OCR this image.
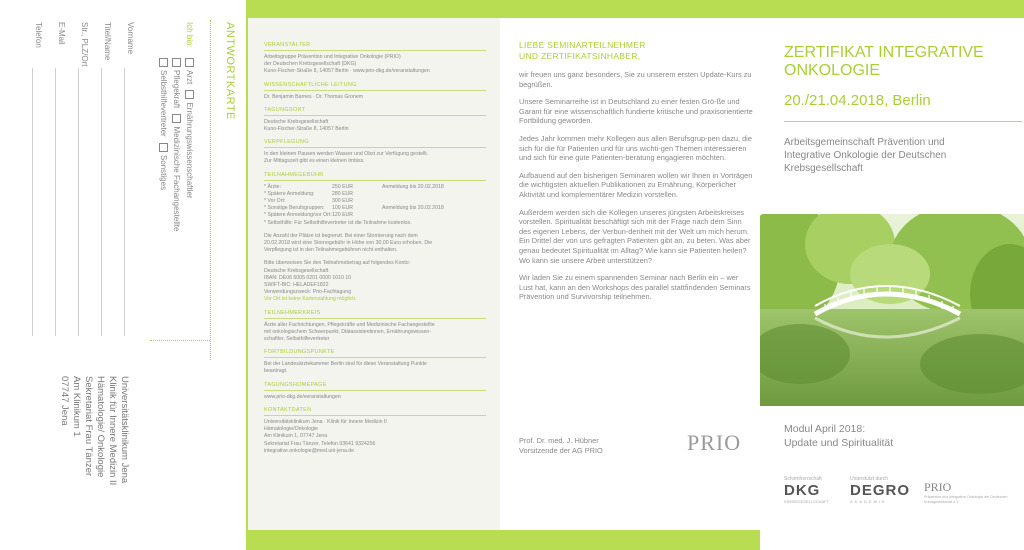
ANTWORTKARTE
Ich bin:
Arzt Ernährungswissenschaftler
Pflegekraft Medizinische Fachangestellte
Selbsthilfevertreter Sonstiges
Vorname
Titel/Name
Str., PLZ/Ort
E-Mail
Telefon
Universitätsklinikum Jena
Klinik für Innere Medizin II
Hämatologie/ Onkologie
Sekretariat Frau Tänzer
Am Klinikum 1
07747 Jena
VERANSTALTER
Arbeitsgruppe Prävention und Integrative Onkologie (PRIO)
der Deutschen Krebsgesellschaft (DKG)
Kuno-Fischer-Straße 8, 14057 Berlin · www.prio-dkg.de/veranstaltungen
WISSENSCHAFTLICHE LEITUNG
Dr. Benjamin Barnes · Dr. Thomas Gronem
TAGUNGSORT
Deutsche Krebsgesellschaft
Kuno-Fischer-Straße 8, 14057 Berlin
VERPFLEGUNG
In den kleinen Pausen werden Wasser und Obst zur Verfügung gestellt.
Zur Mittagszeit gibt es einen kleinen Imbiss.
TEILNAHMEGEBÜHR
* Ärzte:	250 EUR	Anmeldung bis 20.02.2018
* Spätere Anmeldung:	280 EUR
* Vor Ort:	300 EUR
* Sonstige Berufsgruppen:	100 EUR	Anmeldung bis 20.02.2018
* Spätere Anmeldung/vor Ort: 120 EUR
* Selbsthilfe: Für Selbsthilfevertreter ist die Teilnahme kostenlos.
Die Anzahl der Plätze ist begrenzt. Bei einer Stornierung nach dem
20.02.2018 wird eine Stornogebühr in Höhe von 30,00 Euro erhoben. Die
Verpflegung ist in den Teilnahmegebühren nicht enthalten.
Bitte überweisen Sie den Teilnahmebetrag auf folgendes Konto:
Deutsche Krebsgesellschaft
IBAN: DE06 5005 0201 0000 1010 10
SWIFT-BIC: HELADEF1822
Verwendungszweck: Prio-Fachtagung
Vor Ort ist keine Kartenzahlung möglich.
TEILNEHMERKREIS
Ärzte aller Fachrichtungen, Pflegekräfte und Medizinische Fachangestellte
mit onkologischem Schwerpunkt, Diätassistentinnen, Ernährungswissen-
schaftler, Selbsthilfevertreter
FORTBILDUNGSPUNKTE
Bei der Landesärztekammer Berlin sind für diese Veranstaltung Punkte
beantragt.
TAGUNGSHOMEPAGE
www.prio-dkg.de/veranstaltungen
KONTAKTDATEN
Universitätsklinikum Jena · Klinik für Innere Medizin II
Hämatologie/Onkologie
Am Klinikum 1, 07747 Jena
Sekretariat Frau Tänzer, Telefon 03641 9324256
integrative.onkologie@med.uni-jena.de
LIEBE SEMINARTEILNEHMER
UND ZERTIFIKATSINHABER,

wir freuen uns ganz besonders, Sie zu unserem ersten Update-Kurs zu begrüßen.

Unsere Seminarreihe ist in Deutschland zu einer festen Grö-ße und Garant für eine wissenschaftlich fundierte kritische und praxisorientierte Fortbildung geworden.

Jedes Jahr kommen mehr Kollegen aus allen Berufsgrup-pen dazu, die sich für die für Patienten und für uns wichti-gen Themen interessieren und sich für eine gute Patienten-beratung engagieren möchten.

Aufbauend auf den bisherigen Seminaren wollen wir Ihnen in Vorträgen die wichtigsten aktuellen Publikationen zu Ernährung, Körperlicher Aktivität und komplementärer Medizin vorstellen.

Außerdem werden sich die Kollegen unseres jüngsten Arbeitskreises vorstellen. Spiritualität beschäftigt sich mit der Frage nach dem Sinn des eigenen Lebens, der Verbun-denheit mit der Welt um mich herum. Ein Drittel der von uns gefragten Patienten gibt an, zu beten. Was aber genau bedeutet Spiritualität im Alltag? Wie kann sie Patienten heilen? Wo kann sie unsere Arbeit unterstützen?

Wir laden Sie zu einem spannenden Seminar nach Berlin ein – wer Lust hat, kann an den Workshops des parallel stattfindenden Seminars Prävention und Survivorship teilnehmen.

Prof. Dr. med. J. Hübner
Vorsitzende der AG PRIO	PRIO
ZERTIFIKAT INTEGRATIVE
ONKOLOGIE
20./21.04.2018, Berlin
Arbeitsgemeinschaft Prävention und
Integrative Onkologie der Deutschen
Krebsgesellschaft
Modul April 2018:
Update und Spiritualität
Schirmherrschaft
DKG
KREBSGESELLSCHAFT
Unterstützt durch
DEGRO
AKADEMIE
PRIO
Prävention und Integrative Onkologie der Deutschen Krebsgesellschaft e.V.
